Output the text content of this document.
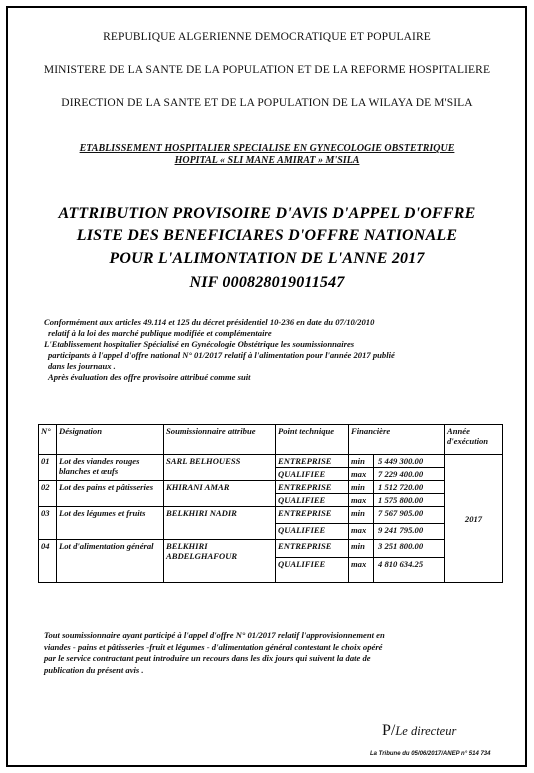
REPUBLIQUE ALGERIENNE DEMOCRATIQUE ET POPULAIRE
MINISTERE DE LA SANTE DE LA POPULATION ET DE LA REFORME HOSPITALIERE
DIRECTION DE LA SANTE ET DE LA POPULATION DE LA WILAYA DE M'SILA
ETABLISSEMENT HOSPITALIER SPECIALISE EN GYNECOLOGIE OBSTETRIQUE
HOPITAL « SLI MANE AMIRAT » M'SILA
ATTRIBUTION PROVISOIRE D'AVIS D'APPEL D'OFFRE
LISTE DES BENEFICIARES D'OFFRE NATIONALE
POUR L'ALIMONTATION DE L'ANNE 2017
NIF 000828019011547
Conformément aux articles 49.114 et 125 du décret présidentiel 10-236 en date du 07/10/2010
relatif à la loi des marché publique modifiée et complémentaire
L'Etablissement hospitalier Spécialisé en Gynécologie Obstétrique les soumissionnaires
participants à l'appel d'offre national N° 01/2017 relatif à l'alimentation pour l'année 2017 publié
dans les journaux .
Après évaluation des offre provisoire attribué comme suit
N°	Désignation	Soumissionnaire attribue	Point technique	Financière		Année d'exécution
01	Lot des viandes rouges blanches et œufs	SARL BELHOUESS	ENTREPRISE	min	5 449 300.00	2017
			QUALIFIEE	max	7 229 400.00	
02	Lot des pains et pâtisseries	KHIRANI AMAR	ENTREPRISE	min	1 512 720.00	
			QUALIFIEE	max	1 575 800.00	
03	Lot des légumes et fruits	BELKHIRI NADIR	ENTREPRISE	min	7 567 905.00	
			QUALIFIEE	max	9 241 795.00	
04	Lot d'alimentation général	BELKHIRI ABDELGHAFOUR	ENTREPRISE	min	3 251 800.00	
			QUALIFIEE	max	4 810 634.25	
Tout soumissionnaire ayant participé à l'appel d'offre N° 01/2017 relatif l'approvisionnement en
viandes - pains et pâtisseries -fruit et légumes - d'alimentation général contestant le choix opéré
par le service contractant peut introduire un recours dans les dix jours qui suivent la date de
publication du présent avis .
P/Le directeur
La Tribune du 05/06/2017/ANEP n° 514 734
